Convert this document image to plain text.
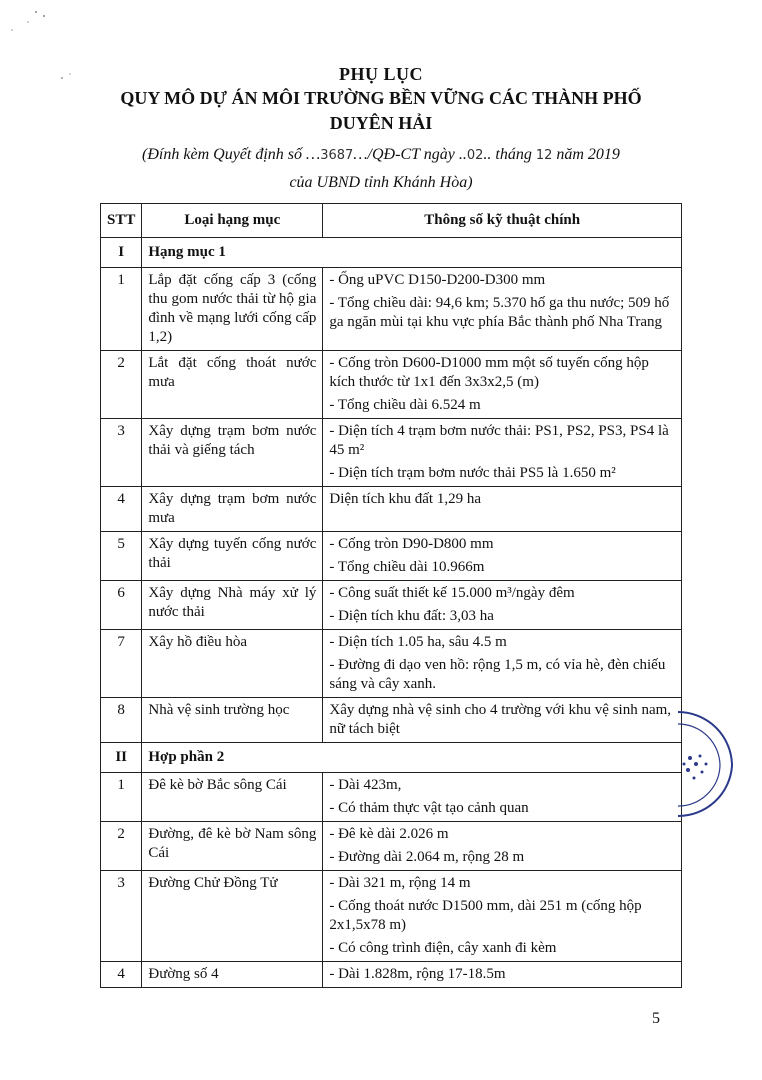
PHỤ LỤC
QUY MÔ DỰ ÁN MÔI TRƯỜNG BỀN VỮNG CÁC THÀNH PHỐ
DUYÊN HẢI
(Đính kèm Quyết định số …3687…/QĐ-CT ngày ..02.. tháng 12 năm 2019
của UBND tỉnh Khánh Hòa)
STT	Loại hạng mục	Thông số kỹ thuật chính
I	Hạng mục 1	
1	Lắp đặt cống cấp 3 (cống thu gom nước thải từ hộ gia đình về mạng lưới cống cấp 1,2)	- Ống uPVC D150-D200-D300 mm
- Tổng chiều dài: 94,6 km; 5.370 hố ga thu nước; 509 hố ga ngăn mùi tại khu vực phía Bắc thành phố Nha Trang

2	Lắt đặt cống thoát nước mưa	- Cống tròn D600-D1000 mm một số tuyến cống hộp kích thước từ 1x1 đến 3x3x2,5 (m)
- Tổng chiều dài 6.524 m

3	Xây dựng trạm bơm nước thải và giếng tách	- Diện tích 4 trạm bơm nước thải: PS1, PS2, PS3, PS4 là 45 m²
- Diện tích trạm bơm nước thải PS5 là 1.650 m²

4	Xây dựng trạm bơm nước mưa	Diện tích khu đất 1,29 ha

5	Xây dựng tuyến cống nước thải	- Cống tròn D90-D800 mm
- Tổng chiều dài 10.966m

6	Xây dựng Nhà máy xử lý nước thải	- Công suất thiết kế 15.000 m³/ngày đêm
- Diện tích khu đất: 3,03 ha

7	Xây hồ điều hòa	- Diện tích 1.05 ha, sâu 4.5 m
- Đường đi dạo ven hồ: rộng 1,5 m, có vỉa hè, đèn chiếu sáng và cây xanh.

8	Nhà vệ sinh trường học	Xây dựng nhà vệ sinh cho 4 trường với khu vệ sinh nam, nữ tách biệt

II	Hợp phần 2	
1	Đê kè bờ Bắc sông Cái	- Dài 423m,
- Có thảm thực vật tạo cảnh quan

2	Đường, đê kè bờ Nam sông Cái	- Đê kè dài 2.026 m
- Đường dài 2.064 m, rộng 28 m

3	Đường Chử Đồng Tử	- Dài 321 m, rộng 14 m
- Cống thoát nước D1500 mm, dài 251 m (cống hộp 2x1,5x78 m)
- Có công trình điện, cây xanh đi kèm

4	Đường số 4	- Dài 1.828m, rộng 17-18.5m
5
